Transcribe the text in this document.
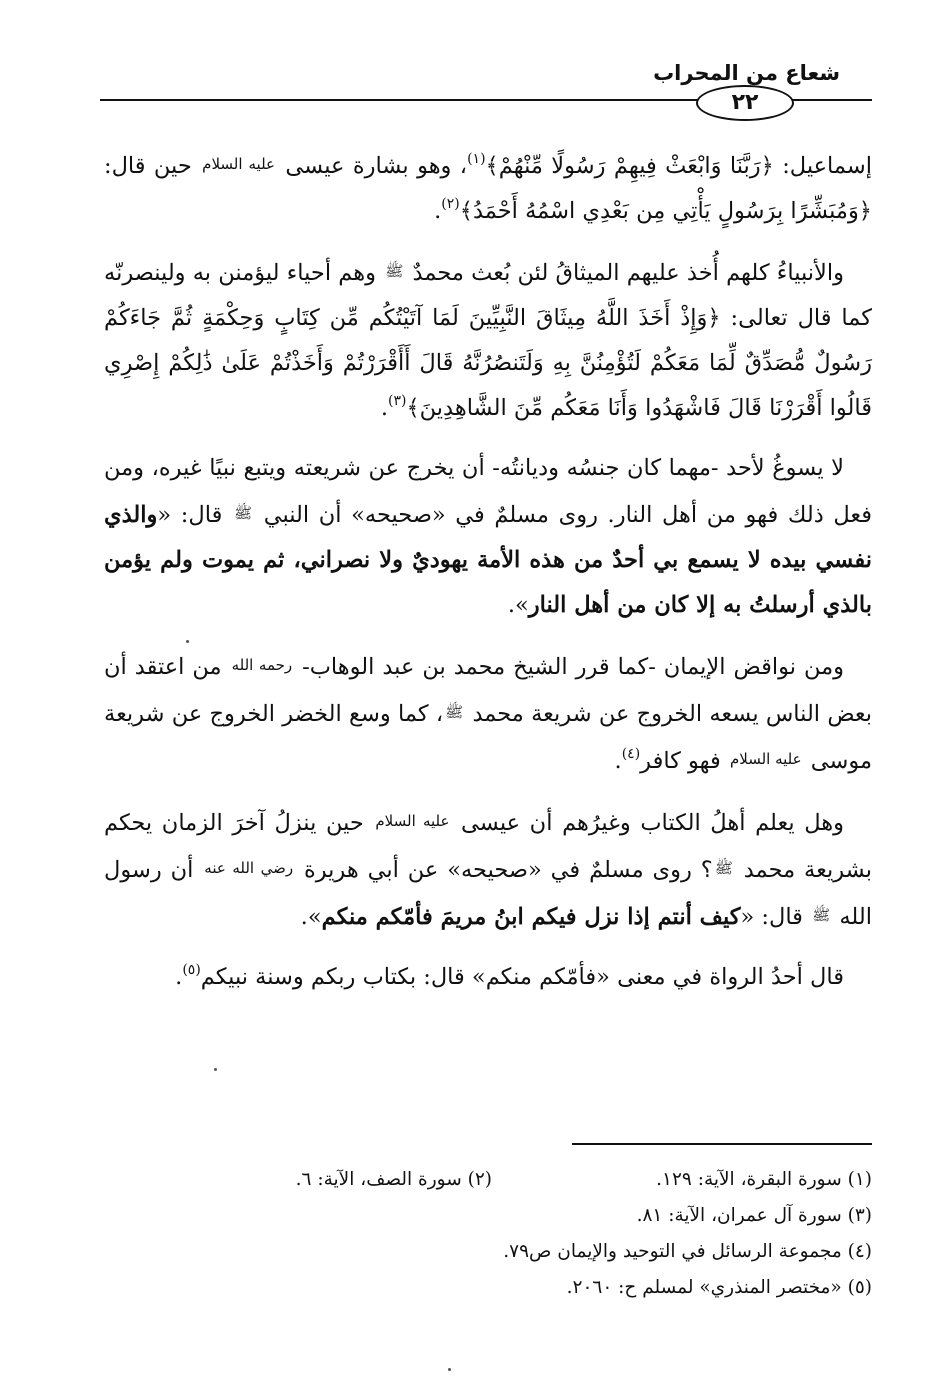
شعاع من المحراب
٢٢

إسماعيل: ﴿رَبَّنَا وَابْعَثْ فِيهِمْ رَسُولًا مِّنْهُمْ﴾$^{(١)}$، وهو بشارة عيسى عليه السلام حين قال: ﴿وَمُبَشِّرًا بِرَسُولٍ يَأْتِي مِن بَعْدِي اسْمُهُ أَحْمَدُ﴾$^{(٢)}$.

والأنبياءُ كلهم أُخذ عليهم الميثاقُ لئن بُعث محمدٌ ﷺ وهم أحياء ليؤمنن به ولينصرنّه كما قال تعالى: ﴿وَإِذْ أَخَذَ اللَّهُ مِيثَاقَ النَّبِيِّينَ لَمَا آتَيْتُكُم مِّن كِتَابٍ وَحِكْمَةٍ ثُمَّ جَاءَكُمْ رَسُولٌ مُّصَدِّقٌ لِّمَا مَعَكُمْ لَتُؤْمِنُنَّ بِهِ وَلَتَنصُرُنَّهُ قَالَ أَأَقْرَرْتُمْ وَأَخَذْتُمْ عَلَىٰ ذَٰلِكُمْ إِصْرِي قَالُوا أَقْرَرْنَا قَالَ فَاشْهَدُوا وَأَنَا مَعَكُم مِّنَ الشَّاهِدِينَ﴾$^{(٣)}$.

لا يسوغُ لأحد -مهما كان جنسُه وديانتُه- أن يخرج عن شريعته ويتبع نبيًا غيره، ومن فعل ذلك فهو من أهل النار. روى مسلمٌ في «صحيحه» أن النبي ﷺ قال: «والذي نفسي بيده لا يسمع بي أحدٌ من هذه الأمة يهوديٌ ولا نصراني، ثم يموت ولم يؤمن بالذي أرسلتُ به إلا كان من أهل النار».

ومن نواقض الإيمان -كما قرر الشيخ محمد بن عبد الوهاب- رحمه الله من اعتقد أن بعض الناس يسعه الخروج عن شريعة محمد ﷺ، كما وسع الخضر الخروج عن شريعة موسى عليه السلام فهو كافر$^{(٤)}$.

وهل يعلم أهلُ الكتاب وغيرُهم أن عيسى عليه السلام حين ينزلُ آخرَ الزمان يحكم بشريعة محمد ﷺ؟ روى مسلمٌ في «صحيحه» عن أبي هريرة رضي الله عنه أن رسول الله ﷺ قال: «كيف أنتم إذا نزل فيكم ابنُ مريمَ فأمّكم منكم».

قال أحدُ الرواة في معنى «فأمّكم منكم» قال: بكتاب ربكم وسنة نبيكم$^{(٥)}$.

(١) سورة البقرة، الآية: ١٢٩.
(٢) سورة الصف، الآية: ٦.
(٣) سورة آل عمران، الآية: ٨١.
(٤) مجموعة الرسائل في التوحيد والإيمان ص٧٩.
(٥) «مختصر المنذري» لمسلم ح: ٢٠٦٠.
